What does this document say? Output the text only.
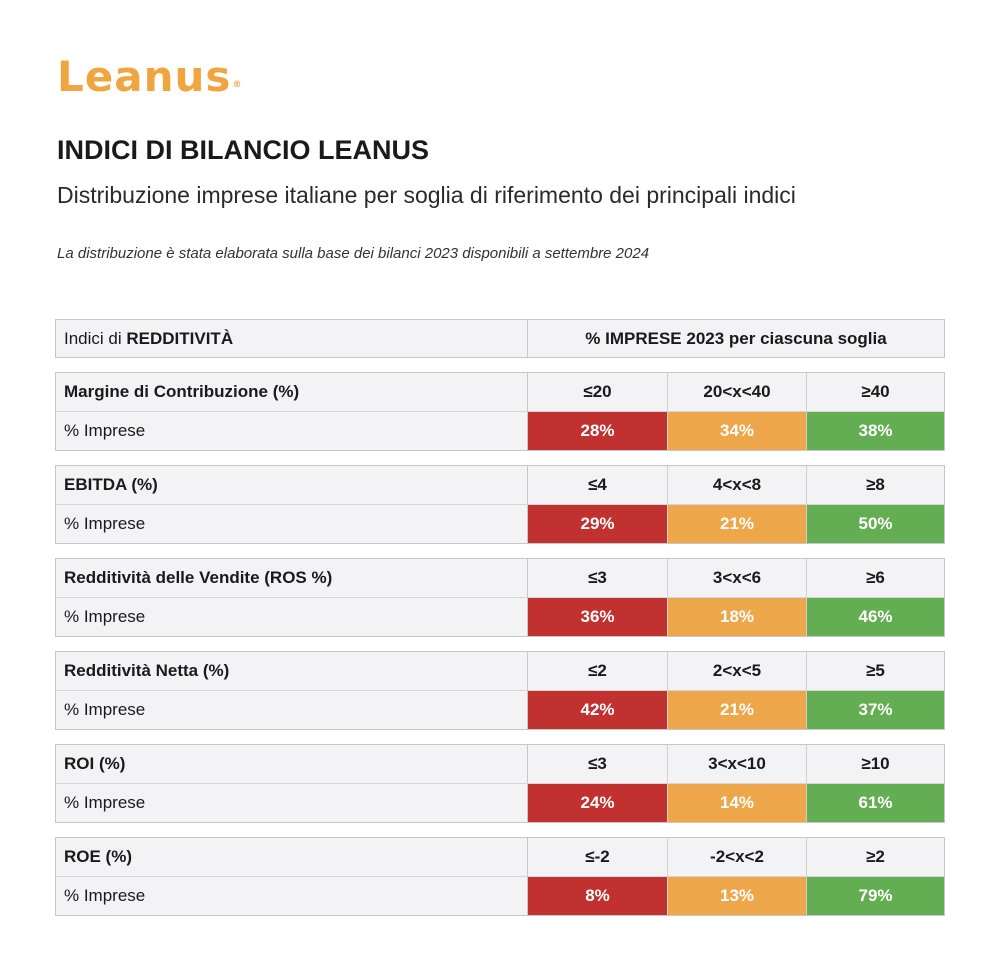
Leanus®
INDICI DI BILANCIO LEANUS
Distribuzione imprese italiane per soglia di riferimento dei principali indici

La distribuzione è stata elaborata sulla base dei bilanci 2023 disponibili a settembre 2024

Indici di REDDITIVITÀ	% IMPRESE 2023 per ciascuna soglia
Margine di Contribuzione (%)	≤20	20<x<40	≥40
% Imprese	28%	34%	38%
EBITDA (%)	≤4	4<x<8	≥8
% Imprese	29%	21%	50%
Redditività delle Vendite (ROS %)	≤3	3<x<6	≥6
% Imprese	36%	18%	46%
Redditività Netta (%)	≤2	2<x<5	≥5
% Imprese	42%	21%	37%
ROI (%)	≤3	3<x<10	≥10
% Imprese	24%	14%	61%
ROE (%)	≤-2	-2<x<2	≥2
% Imprese	8%	13%	79%
